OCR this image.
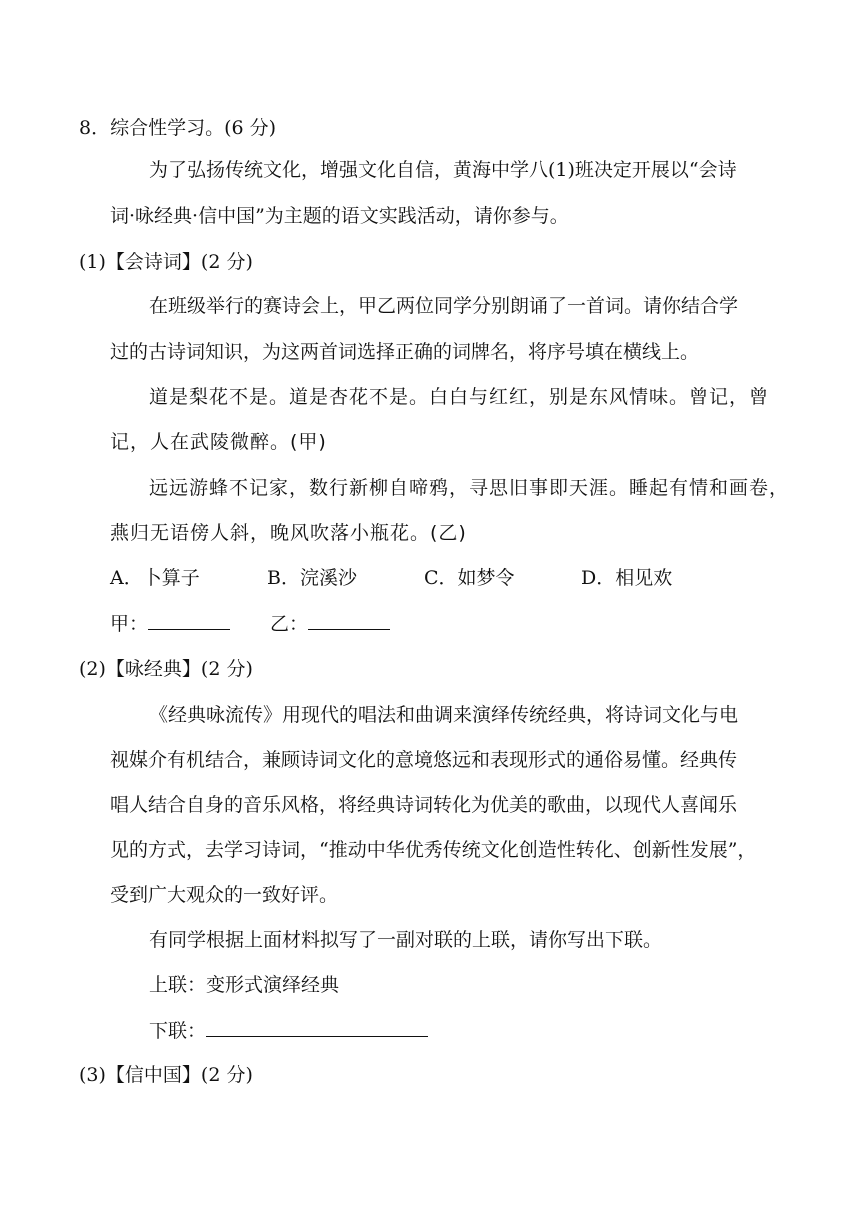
8．综合性学习。(6 分)
为了弘扬传统文化，增强文化自信，黄海中学八(1)班决定开展以“会诗
词·咏经典·信中国”为主题的语文实践活动，请你参与。
(1)【会诗词】(2 分)
在班级举行的赛诗会上，甲乙两位同学分别朗诵了一首词。请你结合学
过的古诗词知识，为这两首词选择正确的词牌名，将序号填在横线上。
道是梨花不是。道是杏花不是。白白与红红，别是东风情味。曾记，曾
记，人在武陵微醉。(甲)
远远游蜂不记家，数行新柳自啼鸦，寻思旧事即天涯。睡起有情和画卷，
燕归无语傍人斜，晚风吹落小瓶花。(乙)
A．卜算子	B．浣溪沙	C．如梦令	D．相见欢
甲：	乙：
(2)【咏经典】(2 分)
《经典咏流传》用现代的唱法和曲调来演绎传统经典，将诗词文化与电
视媒介有机结合，兼顾诗词文化的意境悠远和表现形式的通俗易懂。经典传
唱人结合自身的音乐风格，将经典诗词转化为优美的歌曲，以现代人喜闻乐
见的方式，去学习诗词，“推动中华优秀传统文化创造性转化、创新性发展”，
受到广大观众的一致好评。
有同学根据上面材料拟写了一副对联的上联，请你写出下联。
上联：变形式演绎经典
下联：
(3)【信中国】(2 分)
